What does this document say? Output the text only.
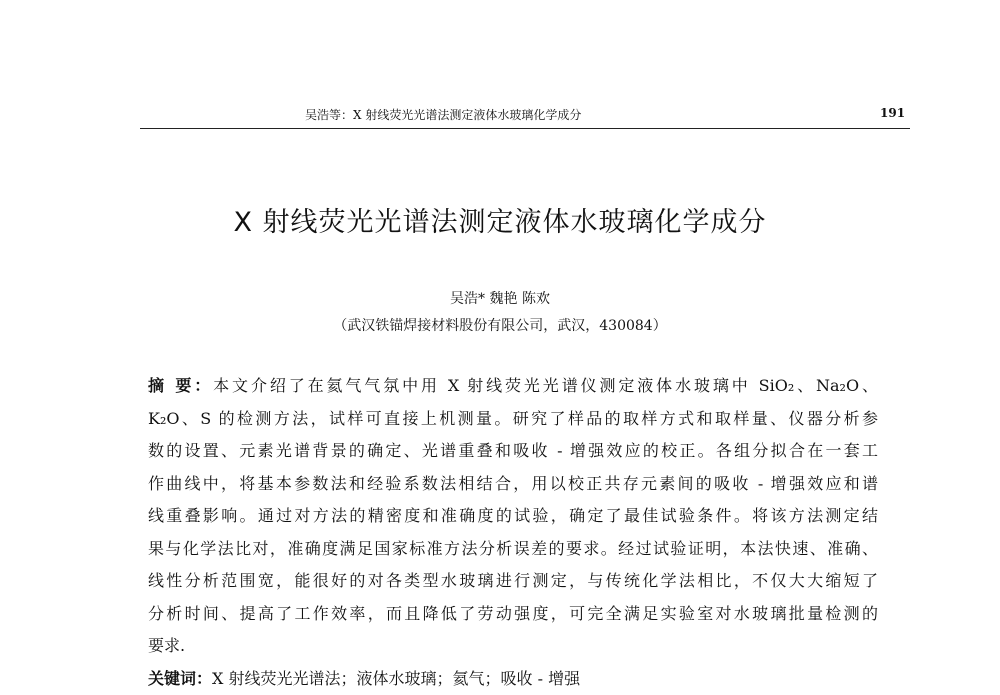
吴浩等：X 射线荧光光谱法测定液体水玻璃化学成分	191
X 射线荧光光谱法测定液体水玻璃化学成分
吴浩* 魏艳 陈欢
（武汉铁锚焊接材料股份有限公司，武汉，430084）
摘 要：本文介绍了在氦气气氛中用 X 射线荧光光谱仪测定液体水玻璃中 SiO₂、Na₂O、
K₂O、S 的检测方法，试样可直接上机测量。研究了样品的取样方式和取样量、仪器分析参
数的设置、元素光谱背景的确定、光谱重叠和吸收 - 增强效应的校正。各组分拟合在一套工
作曲线中，将基本参数法和经验系数法相结合，用以校正共存元素间的吸收 - 增强效应和谱
线重叠影响。通过对方法的精密度和准确度的试验，确定了最佳试验条件。将该方法测定结
果与化学法比对，准确度满足国家标准方法分析误差的要求。经过试验证明，本法快速、准确、
线性分析范围宽，能很好的对各类型水玻璃进行测定，与传统化学法相比，不仅大大缩短了
分析时间、提高了工作效率，而且降低了劳动强度，可完全满足实验室对水玻璃批量检测的
要求.
关键词：X 射线荧光光谱法；液体水玻璃；氦气；吸收 - 增强
